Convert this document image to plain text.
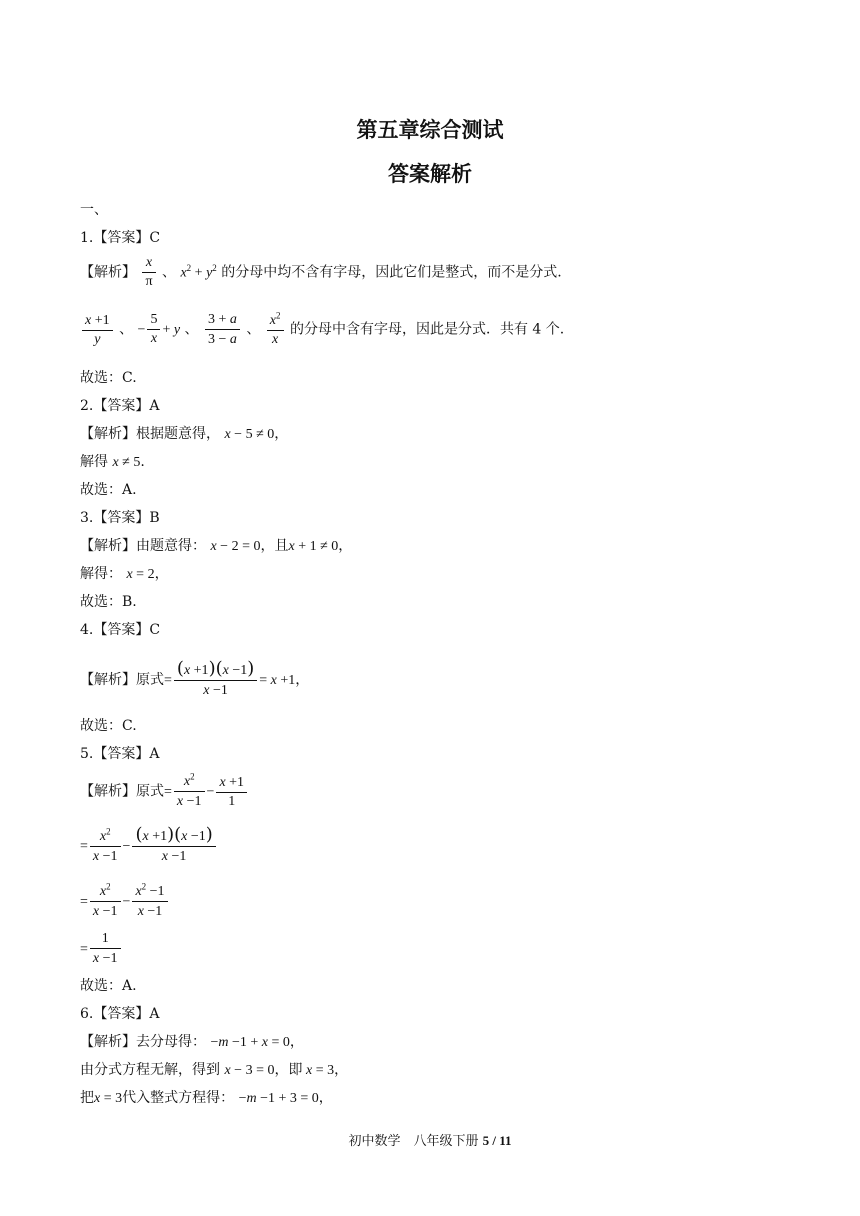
第五章综合测试
答案解析
一、
1.【答案】C
【解析】 $\frac{x}{\pi}$ 、 $x^2 + y^2$ 的分母中均不含有字母，因此它们是整式，而不是分式.
$\frac{x +1}{y}$ 、 − $\frac{5}{x} + y$ 、 $\frac{3 + a}{3 - a}$ 、 $\frac{x^2}{x}$ 的分母中含有字母，因此是分式．共有 4 个.
故选：C.
2.【答案】A
【解析】根据题意得， x − 5 ≠ 0，
解得 x ≠ 5.
故选：A.
3.【答案】B
【解析】由题意得： x − 2 = 0，且x + 1 ≠ 0，
解得： x = 2，
故选：B.
4.【答案】C
【解析】原式= $\frac{(x +1)(x -1)}{x -1} = x +1$，
故选：C.
5.【答案】A
【解析】原式= $\frac{x^2}{x -1} - \frac{x +1}{1}$
= $\frac{x^2}{x -1} - \frac{(x +1)(x -1)}{x -1}$
= $\frac{x^2}{x -1} - \frac{x^2 -1}{x -1}$
= $\frac{1}{x -1}$
故选：A.
6.【答案】A
【解析】去分母得： −m −1 + x = 0，
由分式方程无解，得到 x − 3 = 0，即 x = 3，
把x = 3代入整式方程得： −m −1 + 3 = 0，
初中数学　八年级下册 5 / 11
